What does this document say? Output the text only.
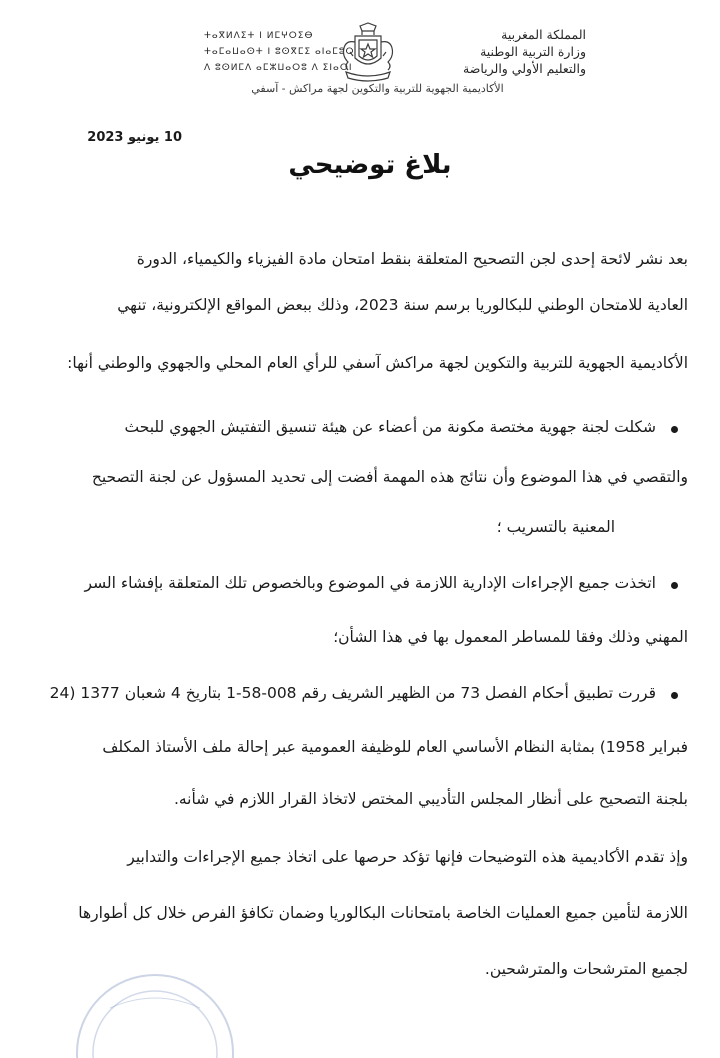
المملكة المغربية
وزارة التربية الوطنية
والتعليم الأولي والرياضة
ⵜⴰⴳⵍⴷⵉⵜ ⵏ ⵍⵎⵖⵔⵉⴱ
ⵜⴰⵎⴰⵡⴰⵙⵜ ⵏ ⵓⵙⴳⵎⵉ ⴰⵏⴰⵎⵓⵔ
ⴷ ⵓⵙⵍⵎⴷ ⴰⵎⵣⵡⴰⵔⵓ ⴷ ⵉⵏⴰⵔⵏ
الأكاديمية الجهوية للتربية والتكوين لجهة مراكش - آسفي
10 يونيو 2023
بلاغ توضيحي
بعد نشر لائحة إحدى لجن التصحيح المتعلقة بنقط امتحان مادة الفيزياء والكيمياء، الدورة
العادية للامتحان الوطني للبكالوريا برسم سنة 2023، وذلك ببعض المواقع الإلكترونية، تنهي
الأكاديمية الجهوية للتربية والتكوين لجهة مراكش آسفي للرأي العام المحلي والجهوي والوطني أنها:
شكلت لجنة جهوية مختصة مكونة من أعضاء عن هيئة تنسيق التفتيش الجهوي للبحث
والتقصي في هذا الموضوع وأن نتائج هذه المهمة أفضت إلى تحديد المسؤول عن لجنة التصحيح
المعنية بالتسريب ؛
اتخذت جميع الإجراءات الإدارية اللازمة في الموضوع وبالخصوص تلك المتعلقة بإفشاء السر
المهني وذلك وفقا للمساطر المعمول بها في هذا الشأن؛
قررت تطبيق أحكام الفصل 73 من الظهير الشريف رقم 008-58-1 بتاريخ 4 شعبان 1377 (24
فبراير 1958) بمثابة النظام الأساسي العام للوظيفة العمومية عبر إحالة ملف الأستاذ المكلف
بلجنة التصحيح على أنظار المجلس التأديبي المختص لاتخاذ القرار اللازم في شأنه.
وإذ تقدم الأكاديمية هذه التوضيحات فإنها تؤكد حرصها على اتخاذ جميع الإجراءات والتدابير
اللازمة لتأمين جميع العمليات الخاصة بامتحانات البكالوريا وضمان تكافؤ الفرص خلال كل أطوارها
لجميع المترشحات والمترشحين.
